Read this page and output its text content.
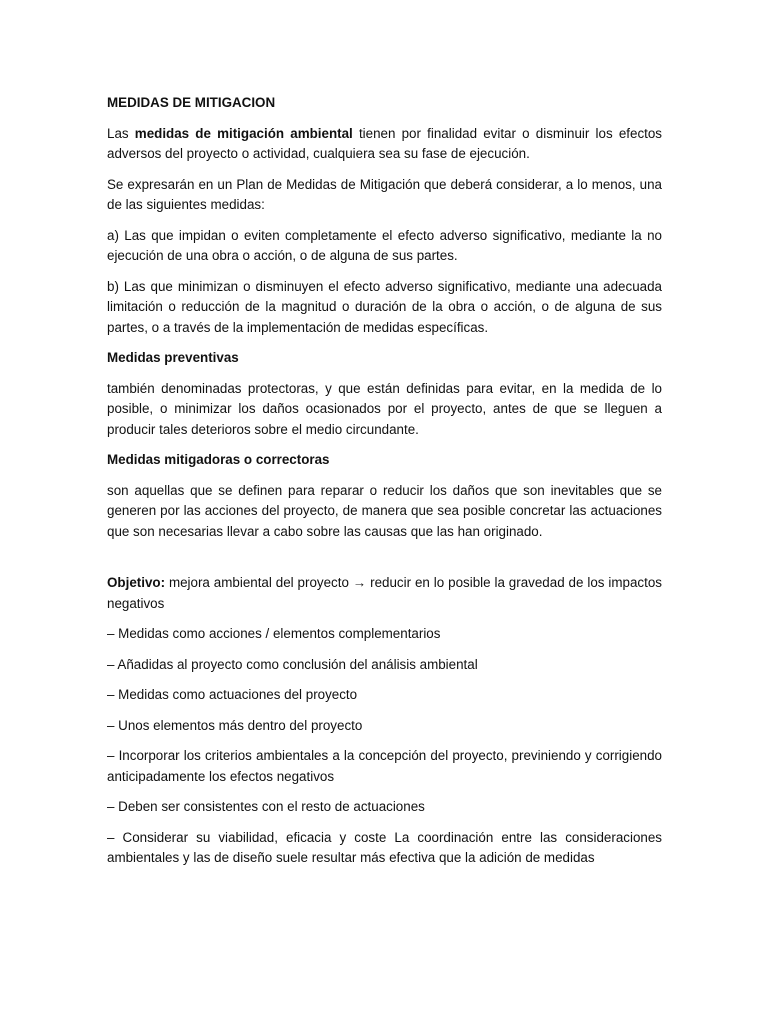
MEDIDAS DE MITIGACION

Las medidas de mitigación ambiental tienen por finalidad evitar o disminuir los efectos adversos del proyecto o actividad, cualquiera sea su fase de ejecución.

Se expresarán en un Plan de Medidas de Mitigación que deberá considerar, a lo menos, una de las siguientes medidas:

a) Las que impidan o eviten completamente el efecto adverso significativo, mediante la no ejecución de una obra o acción, o de alguna de sus partes.

b) Las que minimizan o disminuyen el efecto adverso significativo, mediante una adecuada limitación o reducción de la magnitud o duración de la obra o acción, o de alguna de sus partes, o a través de la implementación de medidas específicas.

Medidas preventivas

también denominadas protectoras, y que están definidas para evitar, en la medida de lo posible, o minimizar los daños ocasionados por el proyecto, antes de que se lleguen a producir tales deterioros sobre el medio circundante.

Medidas mitigadoras o correctoras

son aquellas que se definen para reparar o reducir los daños que son inevitables que se generen por las acciones del proyecto, de manera que sea posible concretar las actuaciones que son necesarias llevar a cabo sobre las causas que las han originado.

Objetivo: mejora ambiental del proyecto → reducir en lo posible la gravedad de los impactos negativos

– Medidas como acciones / elementos complementarios

– Añadidas al proyecto como conclusión del análisis ambiental

– Medidas como actuaciones del proyecto

– Unos elementos más dentro del proyecto

– Incorporar los criterios ambientales a la concepción del proyecto, previniendo y corrigiendo anticipadamente los efectos negativos

– Deben ser consistentes con el resto de actuaciones

– Considerar su viabilidad, eficacia y coste La coordinación entre las consideraciones ambientales y las de diseño suele resultar más efectiva que la adición de medidas
